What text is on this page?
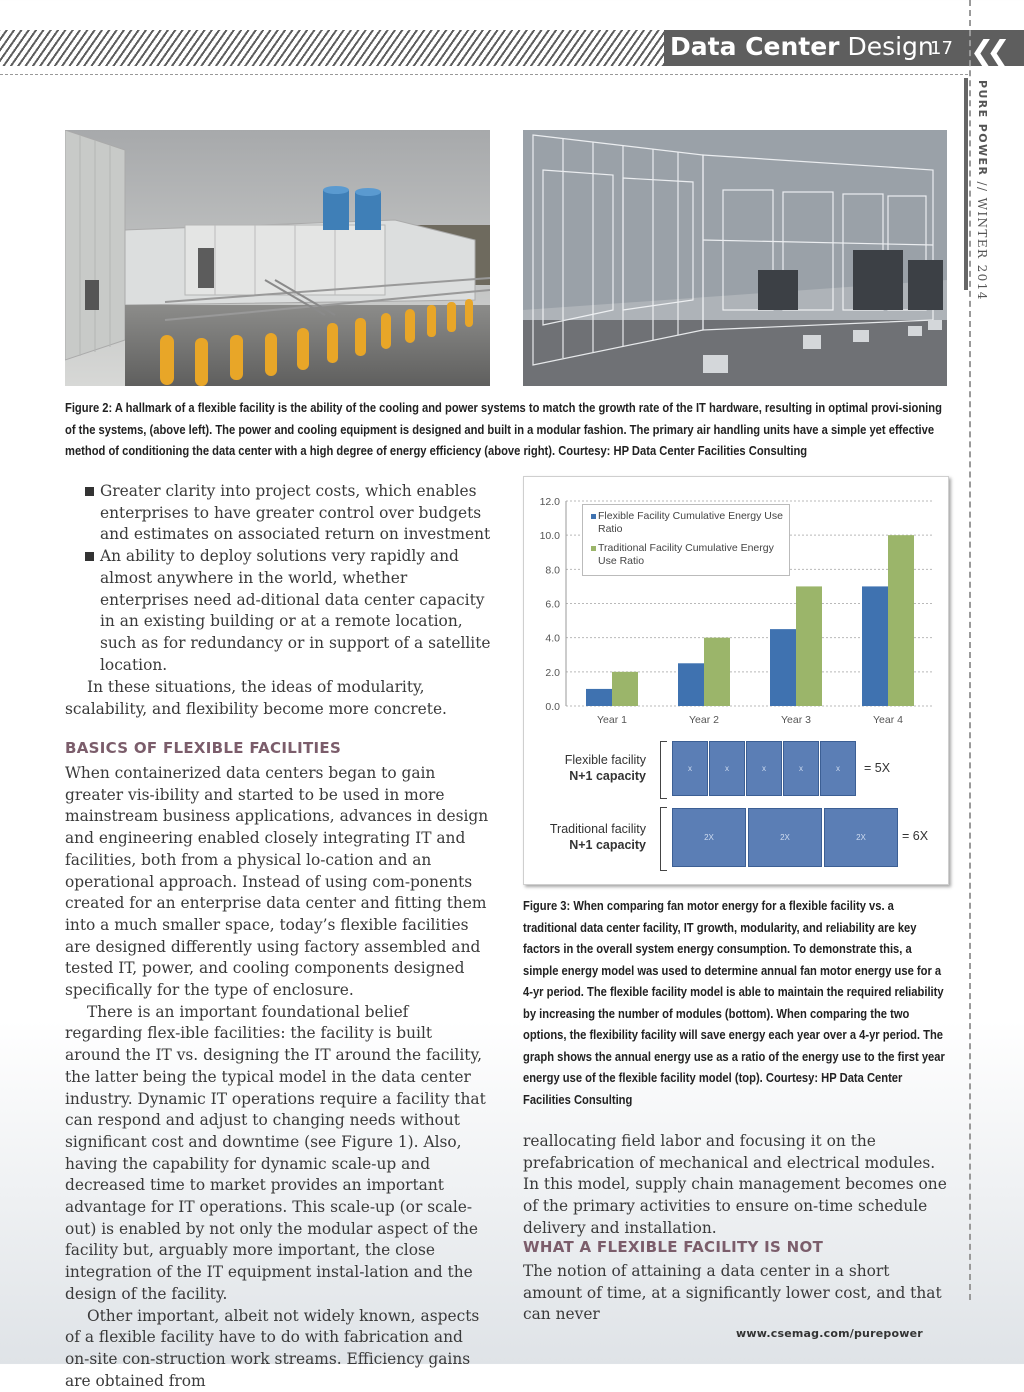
Data Center Design
17 ❮❮
PURE POWER // WINTER 2014
Figure 2: A hallmark of a flexible facility is the ability of the cooling and power systems to match the growth rate of the IT hardware, resulting in optimal provi-sioning of the systems, (above left). The power and cooling equipment is designed and built in a modular fashion. The primary air handling units have a simple yet effective method of conditioning the data center with a high degree of energy efficiency (above right). Courtesy: HP Data Center Facilities Consulting

Greater clarity into project costs, which enables enterprises to have greater control over budgets and estimates on associated return on investment

An ability to deploy solutions very rapidly and almost anywhere in the world, whether enterprises need ad-ditional data center capacity in an existing building or at a remote location, such as for redundancy or in support of a satellite location.

In these situations, the ideas of modularity, scalability, and flexibility become more concrete.

BASICS OF FLEXIBLE FACILITIES

When containerized data centers began to gain greater vis-ibility and started to be used in more mainstream business applications, advances in design and engineering enabled closely integrating IT and facilities, both from a physical lo-cation and an operational approach. Instead of using com-ponents created for an enterprise data center and fitting them into a much smaller space, today’s flexible facilities are designed differently using factory assembled and tested IT, power, and cooling components designed specifically for the type of enclosure.

There is an important foundational belief regarding flex-ible facilities: the facility is built around the IT vs. designing the IT around the facility, the latter being the typical model in the data center industry. Dynamic IT operations require a facility that can respond and adjust to changing needs without significant cost and downtime (see Figure 1). Also, having the capability for dynamic scale-up and decreased time to market provides an important advantage for IT operations. This scale-up (or scale-out) is enabled by not only the modular aspect of the facility but, arguably more important, the close integration of the IT equipment instal-lation and the design of the facility.

Other important, albeit not widely known, aspects of a flexible facility have to do with fabrication and on-site con-struction work streams. Efficiency gains are obtained from

0.0
2.0
4.0
6.0
8.0
10.0
12.0
Year 1	Year 2	Year 3	Year 4
Flexible Facility Cumulative Energy Use Ratio
Traditional Facility Cumulative Energy Use Ratio
Flexible facility
N+1 capacity
x	x	x	x	x	= 5X
Traditional facility
N+1 capacity
2X	2X	2X	= 6X
Figure 3: When comparing fan motor energy for a flexible facility vs. a traditional data center facility, IT growth, modularity, and reliability are key factors in the overall system energy consumption. To demonstrate this, a simple energy model was used to determine annual fan motor energy use for a 4-yr period. The flexible facility model is able to maintain the required reliability by increasing the number of modules (bottom). When comparing the two options, the flexibility facility will save energy each year over a 4-yr period. The graph shows the annual energy use as a ratio of the energy use to the first year energy use of the flexible facility model (top). Courtesy: HP Data Center Facilities Consulting

reallocating field labor and focusing it on the prefabrication of mechanical and electrical modules. In this model, supply chain management becomes one of the primary activities to ensure on-time schedule delivery and installation.

WHAT A FLEXIBLE FACILITY IS NOT

The notion of attaining a data center in a short amount of time, at a significantly lower cost, and that can never

www.csemag.com/purepower
